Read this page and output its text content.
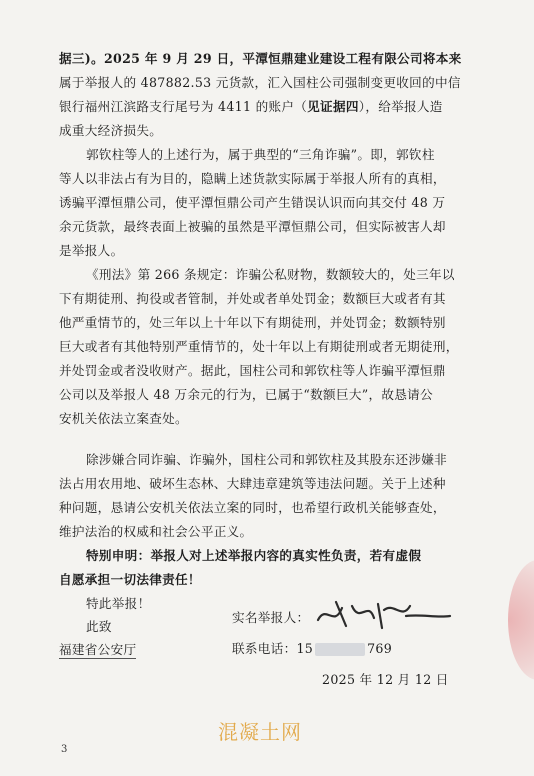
据三)。2025 年 9 月 29 日，平潭恒鼎建业建设工程有限公司将本来
属于举报人的 487882.53 元货款，汇入国柱公司强制变更收回的中信
银行福州江滨路支行尾号为 4411 的账户（见证据四），给举报人造
成重大经济损失。
郭钦柱等人的上述行为，属于典型的“三角诈骗”。即，郭钦柱
等人以非法占有为目的，隐瞒上述货款实际属于举报人所有的真相，
诱骗平潭恒鼎公司，使平潭恒鼎公司产生错误认识而向其交付 48 万
余元货款，最终表面上被骗的虽然是平潭恒鼎公司，但实际被害人却
是举报人。
《刑法》第 266 条规定：诈骗公私财物，数额较大的，处三年以
下有期徒刑、拘役或者管制，并处或者单处罚金；数额巨大或者有其
他严重情节的，处三年以上十年以下有期徒刑，并处罚金；数额特别
巨大或者有其他特别严重情节的，处十年以上有期徒刑或者无期徒刑，
并处罚金或者没收财产。据此，国柱公司和郭钦柱等人诈骗平潭恒鼎
公司以及举报人 48 万余元的行为，已属于“数额巨大”，故恳请公
安机关依法立案查处。
除涉嫌合同诈骗、诈骗外，国柱公司和郭钦柱及其股东还涉嫌非
法占用农用地、破坏生态林、大肆违章建筑等违法问题。关于上述种
种问题，恳请公安机关依法立案的同时，也希望行政机关能够查处，
维护法治的权威和社会公平正义。
特别申明：举报人对上述举报内容的真实性负责，若有虚假
自愿承担一切法律责任！
特此举报！
此致
福建省公安厅
实名举报人：
联系电话：15	769
2025 年 12 月 12 日
混凝土网
3
